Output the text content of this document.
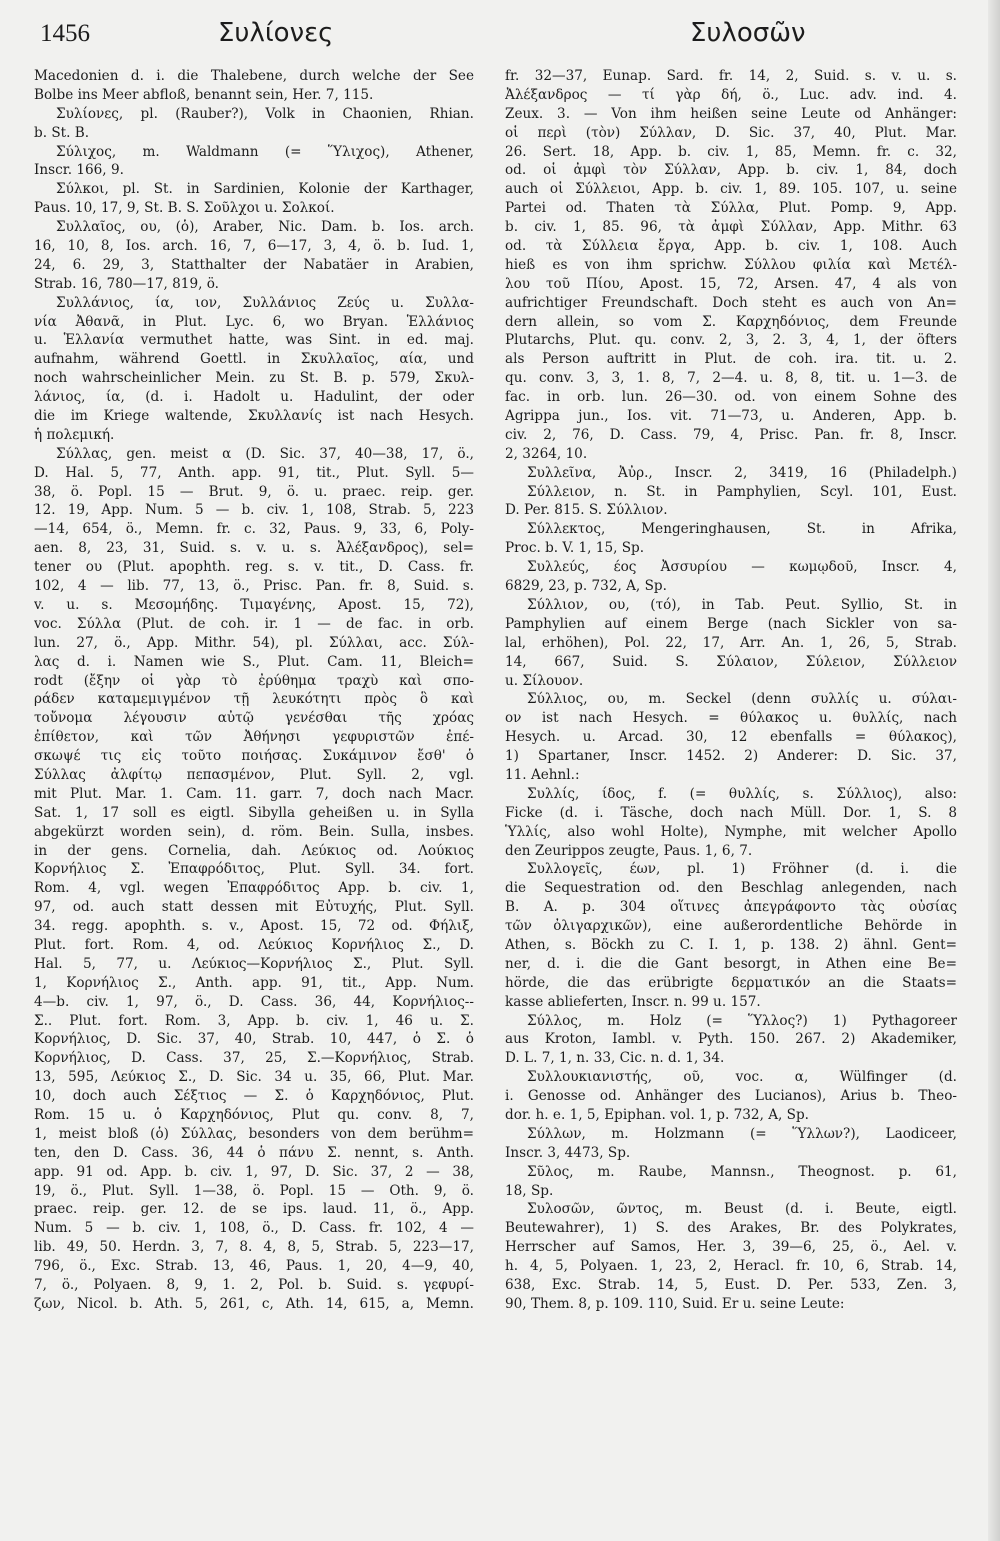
1456	Συλίονες	Συλοσῶν
Macedonien d. i. die Thalebene, durch welche der See
Bolbe ins Meer abfloß, benannt sein, Her. 7, 115.
Συλίονες, pl. (Rauber?), Volk in Chaonien, Rhian.
b. St. B.
Σύλιχος, m. Waldmann (= Ὕλιχος), Athener,
Inscr. 166, 9.
Σύλκοι, pl. St. in Sardinien, Kolonie der Karthager,
Paus. 10, 17, 9, St. B. S. Σοῦλχοι u. Σολκοί.
Συλλαῖος, ου, (ὁ), Araber, Nic. Dam. b. Ios. arch.
16, 10, 8, Ios. arch. 16, 7, 6—17, 3, 4, ö. b. Iud. 1,
24, 6. 29, 3, Statthalter der Nabatäer in Arabien,
Strab. 16, 780—17, 819, ö.
Συλλάνιος, ία, ιον, Συλλάνιος Ζεύς u. Συλλα-
νία Ἀθανᾶ, in Plut. Lyc. 6, wo Bryan. Ἑλλάνιος
u. Ἑλλανία vermuthet hatte, was Sint. in ed. maj.
aufnahm, während Goettl. in Σκυλλαῖος, αία, und
noch wahrscheinlicher Mein. zu St. B. p. 579, Σκυλ-
λάνιος, ία, (d. i. Hadolt u. Hadulint, der oder
die im Kriege waltende, Σκυλλανίς ist nach Hesych.
ἡ πολεμική.
Σύλλας, gen. meist α (D. Sic. 37, 40—38, 17, ö.,
D. Hal. 5, 77, Anth. app. 91, tit., Plut. Syll. 5—
38, ö. Popl. 15 — Brut. 9, ö. u. praec. reip. ger.
12. 19, App. Num. 5 — b. civ. 1, 108, Strab. 5, 223
—14, 654, ö., Memn. fr. c. 32, Paus. 9, 33, 6, Poly-
aen. 8, 23, 31, Suid. s. v. u. s. Ἀλέξανδρος), sel=
tener ου (Plut. apophth. reg. s. v. tit., D. Cass. fr.
102, 4 — lib. 77, 13, ö., Prisc. Pan. fr. 8, Suid. s.
v. u. s. Μεσομήδης. Τιμαγένης, Apost. 15, 72),
voc. Σύλλα (Plut. de coh. ir. 1 — de fac. in orb.
lun. 27, ö., App. Mithr. 54), pl. Σύλλαι, acc. Σύλ-
λας d. i. Namen wie S., Plut. Cam. 11, Bleich=
rodt (ἔξην οἱ γὰρ τὸ ἐρύθημα τραχὺ καὶ σπο-
ράδεν καταμεμιγμένον τῇ λευκότητι πρὸς ὃ καὶ
τοὔνομα λέγουσιν αὐτῷ γενέσθαι τῆς χρόας
ἐπίθετον, καὶ τῶν Ἀθήνησι γεφυριστῶν ἐπέ-
σκωψέ τις εἰς τοῦτο ποιήσας. Συκάμινον ἔσθ' ὁ
Σύλλας ἀλφίτῳ πεπασμένον, Plut. Syll. 2, vgl.
mit Plut. Mar. 1. Cam. 11. garr. 7, doch nach Macr.
Sat. 1, 17 soll es eigtl. Sibylla geheißen u. in Sylla
abgekürzt worden sein), d. röm. Bein. Sulla, insbes.
in der gens. Cornelia, dah. Λεύκιος od. Λούκιος
Κορνήλιος Σ. Ἐπαφρόδιτος, Plut. Syll. 34. fort.
Rom. 4, vgl. wegen Ἐπαφρόδιτος App. b. civ. 1,
97, od. auch statt dessen mit Εὐτυχής, Plut. Syll.
34. regg. apophth. s. v., Apost. 15, 72 od. Φήλιξ,
Plut. fort. Rom. 4, od. Λεύκιος Κορνήλιος Σ., D.
Hal. 5, 77, u. Λεύκιος—Κορνήλιος Σ., Plut. Syll.
1, Κορνήλιος Σ., Anth. app. 91, tit., App. Num.
4—b. civ. 1, 97, ö., D. Cass. 36, 44, Κορνήλιος--
Σ.. Plut. fort. Rom. 3, App. b. civ. 1, 46 u. Σ.
Κορνήλιος, D. Sic. 37, 40, Strab. 10, 447, ὁ Σ. ὁ
Κορνήλιος, D. Cass. 37, 25, Σ.—Κορνήλιος, Strab.
13, 595, Λεύκιος Σ., D. Sic. 34 u. 35, 66, Plut. Mar.
10, doch auch Σέξτιος — Σ. ὁ Καρχηδόνιος, Plut.
Rom. 15 u. ὁ Καρχηδόνιος, Plut qu. conv. 8, 7,
1, meist bloß (ὁ) Σύλλας, besonders von dem berühm=
ten, den D. Cass. 36, 44 ὁ πάνυ Σ. nennt, s. Anth.
app. 91 od. App. b. civ. 1, 97, D. Sic. 37, 2 — 38,
19, ö., Plut. Syll. 1—38, ö. Popl. 15 — Oth. 9, ö.
praec. reip. ger. 12. de se ips. laud. 11, ö., App.
Num. 5 — b. civ. 1, 108, ö., D. Cass. fr. 102, 4 —
lib. 49, 50. Herdn. 3, 7, 8. 4, 8, 5, Strab. 5, 223—17,
796, ö., Exc. Strab. 13, 46, Paus. 1, 20, 4—9, 40,
7, ö., Polyaen. 8, 9, 1. 2, Pol. b. Suid. s. γεφυρί-
ζων, Nicol. b. Ath. 5, 261, c, Ath. 14, 615, a, Memn.
fr. 32—37, Eunap. Sard. fr. 14, 2, Suid. s. v. u. s.
Ἀλέξανδρος — τί γὰρ δή, ö., Luc. adv. ind. 4.
Zeux. 3. — Von ihm heißen seine Leute od Anhänger:
οἱ περὶ (τὸν) Σύλλαν, D. Sic. 37, 40, Plut. Mar.
26. Sert. 18, App. b. civ. 1, 85, Memn. fr. c. 32,
od. οἱ ἀμφὶ τὸν Σύλλαν, App. b. civ. 1, 84, doch
auch οἱ Σύλλειοι, App. b. civ. 1, 89. 105. 107, u. seine
Partei od. Thaten τὰ Σύλλα, Plut. Pomp. 9, App.
b. civ. 1, 85. 96, τὰ ἀμφὶ Σύλλαν, App. Mithr. 63
od. τὰ Σύλλεια ἔργα, App. b. civ. 1, 108. Auch
hieß es von ihm sprichw. Σύλλου φιλία καὶ Μετέλ-
λου τοῦ Πίου, Apost. 15, 72, Arsen. 47, 4 als von
aufrichtiger Freundschaft. Doch steht es auch von An=
dern allein, so vom Σ. Καρχηδόνιος, dem Freunde
Plutarchs, Plut. qu. conv. 2, 3, 2. 3, 4, 1, der öfters
als Person auftritt in Plut. de coh. ira. tit. u. 2.
qu. conv. 3, 3, 1. 8, 7, 2—4. u. 8, 8, tit. u. 1—3. de
fac. in orb. lun. 26—30. od. von einem Sohne des
Agrippa jun., Ios. vit. 71—73, u. Anderen, App. b.
civ. 2, 76, D. Cass. 79, 4, Prisc. Pan. fr. 8, Inscr.
2, 3264, 10.
Συλλεῖνα, Ἀὐρ., Inscr. 2, 3419, 16 (Philadelph.)
Σύλλειον, n. St. in Pamphylien, Scyl. 101, Eust.
D. Per. 815. S. Σύλλιον.
Σύλλεκτος, Mengeringhausen, St. in Afrika,
Proc. b. V. 1, 15, Sp.
Συλλεύς, έος Ἀσσυρίου — κωμῳδοῦ, Inscr. 4,
6829, 23, p. 732, A, Sp.
Σύλλιον, ου, (τό), in Tab. Peut. Syllio, St. in
Pamphylien auf einem Berge (nach Sickler von sa-
lal, erhöhen), Pol. 22, 17, Arr. An. 1, 26, 5, Strab.
14, 667, Suid. S. Σύλαιον, Σύλειον, Σύλλειον
u. Σίλουον.
Σύλλιος, ου, m. Seckel (denn συλλίς u. σύλαι-
ον ist nach Hesych. = θύλακος u. θυλλίς, nach
Hesych. u. Arcad. 30, 12 ebenfalls = θύλακος),
1) Spartaner, Inscr. 1452. 2) Anderer: D. Sic. 37,
11. Aehnl.:
Συλλίς, ίδος, f. (= θυλλίς, s. Σύλλιος), also:
Ficke (d. i. Täsche, doch nach Müll. Dor. 1, S. 8
Ὑλλίς, also wohl Holte), Nymphe, mit welcher Apollo
den Zeurippos zeugte, Paus. 1, 6, 7.
Συλλογεῖς, έων, pl. 1) Fröhner (d. i. die
die Sequestration od. den Beschlag anlegenden, nach
B. A. p. 304 οἵτινες ἀπεγράφοντο τὰς οὐσίας
τῶν ὀλιγαρχικῶν), eine außerordentliche Behörde in
Athen, s. Böckh zu C. I. 1, p. 138. 2) ähnl. Gent=
ner, d. i. die die Gant besorgt, in Athen eine Be=
hörde, die das erübrigte δερματικόν an die Staats=
kasse ablieferten, Inscr. n. 99 u. 157.
Σύλλος, m. Holz (= Ὕλλος?) 1) Pythagoreer
aus Kroton, Iambl. v. Pyth. 150. 267. 2) Akademiker,
D. L. 7, 1, n. 33, Cic. n. d. 1, 34.
Συλλουκιανιστής, οῦ, voc. α, Wülfinger (d.
i. Genosse od. Anhänger des Lucianos), Arius b. Theo-
dor. h. e. 1, 5, Epiphan. vol. 1, p. 732, A, Sp.
Σύλλων, m. Holzmann (= Ὕλλων?), Laodiceer,
Inscr. 3, 4473, Sp.
Σῦλος, m. Raube, Mannsn., Theognost. p. 61,
18, Sp.
Συλοσῶν, ῶντος, m. Beust (d. i. Beute, eigtl.
Beutewahrer), 1) S. des Arakes, Br. des Polykrates,
Herrscher auf Samos, Her. 3, 39—6, 25, ö., Ael. v.
h. 4, 5, Polyaen. 1, 23, 2, Heracl. fr. 10, 6, Strab. 14,
638, Exc. Strab. 14, 5, Eust. D. Per. 533, Zen. 3,
90, Them. 8, p. 109. 110, Suid. Er u. seine Leute:
